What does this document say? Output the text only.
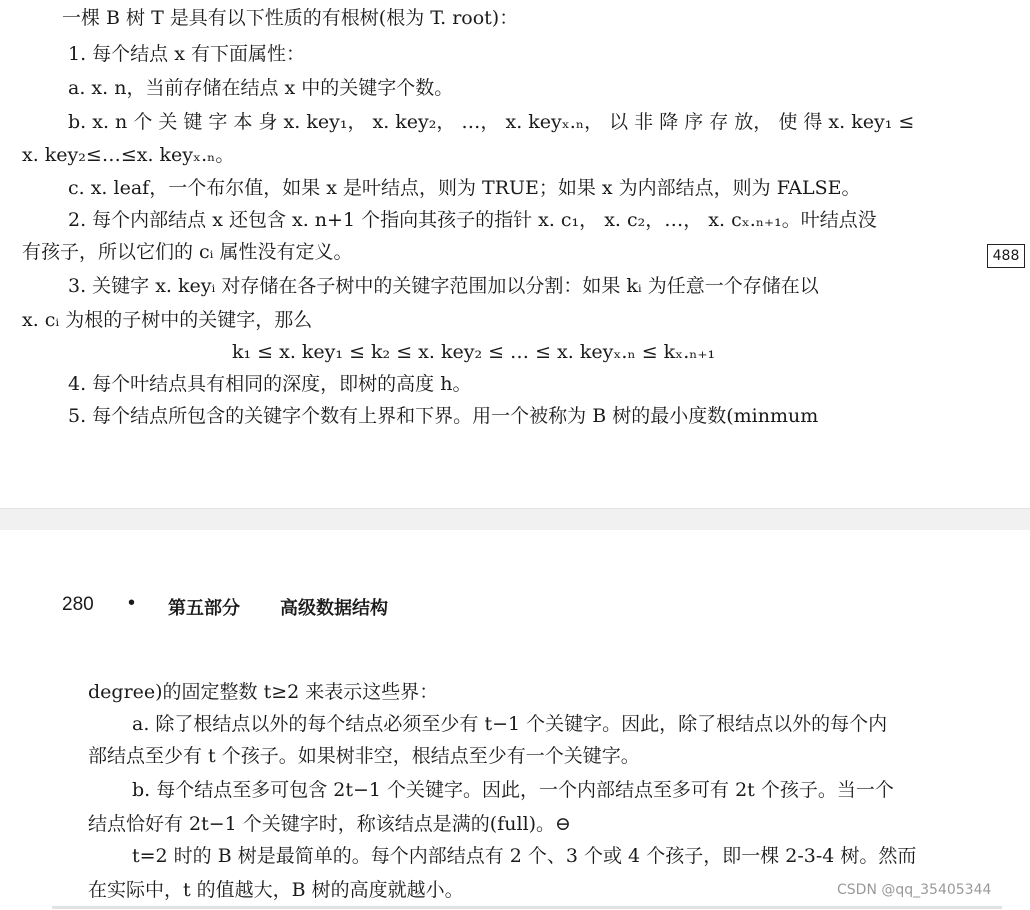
一棵 B 树 T 是具有以下性质的有根树(根为 T. root)：
1. 每个结点 x 有下面属性：
a. x. n，当前存储在结点 x 中的关键字个数。
b. x. n 个 关 键 字 本 身 x. key₁， x. key₂， …， x. keyₓ.ₙ， 以 非 降 序 存 放， 使 得 x. key₁ ≤
x. key₂≤…≤x. keyₓ.ₙ。
c. x. leaf，一个布尔值，如果 x 是叶结点，则为 TRUE；如果 x 为内部结点，则为 FALSE。
2. 每个内部结点 x 还包含 x. n+1 个指向其孩子的指针 x. c₁， x. c₂，…， x. cₓ.ₙ₊₁。叶结点没
有孩子，所以它们的 cᵢ 属性没有定义。	488
3. 关键字 x. keyᵢ 对存储在各子树中的关键字范围加以分割：如果 kᵢ 为任意一个存储在以
x. cᵢ 为根的子树中的关键字，那么
k₁ ≤ x. key₁ ≤ k₂ ≤ x. key₂ ≤ … ≤ x. keyₓ.ₙ ≤ kₓ.ₙ₊₁
4. 每个叶结点具有相同的深度，即树的高度 h。
5. 每个结点所包含的关键字个数有上界和下界。用一个被称为 B 树的最小度数(minmum
280 • 第五部分 高级数据结构
degree)的固定整数 t≥2 来表示这些界：
a. 除了根结点以外的每个结点必须至少有 t−1 个关键字。因此，除了根结点以外的每个内
部结点至少有 t 个孩子。如果树非空，根结点至少有一个关键字。
b. 每个结点至多可包含 2t−1 个关键字。因此，一个内部结点至多可有 2t 个孩子。当一个
结点恰好有 2t−1 个关键字时，称该结点是满的(full)。⊖
t=2 时的 B 树是最简单的。每个内部结点有 2 个、3 个或 4 个孩子，即一棵 2-3-4 树。然而
在实际中，t 的值越大，B 树的高度就越小。	CSDN @qq_35405344
